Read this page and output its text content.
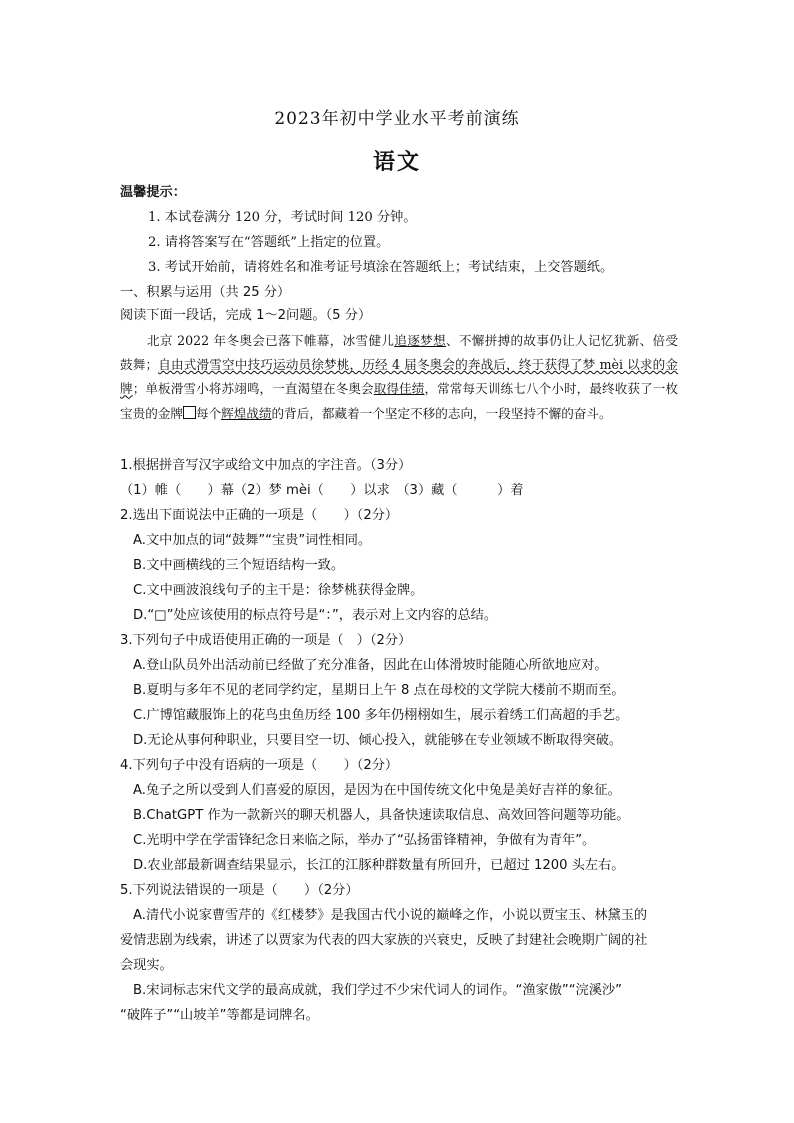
2023年初中学业水平考前演练
语文
温馨提示：
1. 本试卷满分 120 分，考试时间 120 分钟。
2. 请将答案写在“答题纸”上指定的位置。
3. 考试开始前，请将姓名和准考证号填涂在答题纸上；考试结束，上交答题纸。
一、积累与运用（共 25 分）
阅读下面一段话，完成 1～2问题。（5 分）
北京 2022 年冬奥会已落下帷幕，冰雪健儿追逐梦想、不懈拼搏的故事仍让人记忆犹新、倍受鼓舞；自由式滑雪空中技巧运动员徐梦桃，历经 4 届冬奥会的奔战后，终于获得了梦 mèi 以求的金牌；单板滑雪小将苏翊鸣，一直渴望在冬奥会取得佳绩，常常每天训练七八个小时，最终收获了一枚宝贵的金牌 每个辉煌战绩的背后，都藏着一个坚定不移的志向，一段坚持不懈的奋斗。
1.根据拼音写汉字或给文中加点的字注音。（3分）
（1）帷（　　）幕（2）梦 mèi（　　）以求　（3）藏（　　　）着
2.选出下面说法中正确的一项是（　　）（2分）
A.文中加点的词“鼓舞”“宝贵”词性相同。
B.文中画横线的三个短语结构一致。
C.文中画波浪线句子的主干是：徐梦桃获得金牌。
D.“□”处应该使用的标点符号是“：”，表示对上文内容的总结。
3.下列句子中成语使用正确的一项是（　）（2分）
A.登山队员外出活动前已经做了充分准备，因此在山体滑坡时能随心所欲地应对。
B.夏明与多年不见的老同学约定，星期日上午 8 点在母校的文学院大楼前不期而至。
C.广博馆藏服饰上的花鸟虫鱼历经 100 多年仍栩栩如生，展示着绣工们高超的手艺。
D.无论从事何种职业，只要目空一切、倾心投入，就能够在专业领域不断取得突破。
4.下列句子中没有语病的一项是（　　）（2分）
A.兔子之所以受到人们喜爱的原因，是因为在中国传统文化中兔是美好吉祥的象征。
B.ChatGPT 作为一款新兴的聊天机器人，具备快速读取信息、高效回答问题等功能。
C.光明中学在学雷锋纪念日来临之际，举办了“弘扬雷锋精神，争做有为青年”。
D.农业部最新调查结果显示，长江的江豚种群数量有所回升，已超过 1200 头左右。
5.下列说法错误的一项是（　　）（2分）
A.清代小说家曹雪芹的《红楼梦》是我国古代小说的巅峰之作，小说以贾宝玉、林黛玉的
爱情悲剧为线索，讲述了以贾家为代表的四大家族的兴衰史，反映了封建社会晚期广阔的社
会现实。
B.宋词标志宋代文学的最高成就，我们学过不少宋代词人的词作。“渔家傲”“浣溪沙”
“破阵子”“山坡羊”等都是词牌名。
